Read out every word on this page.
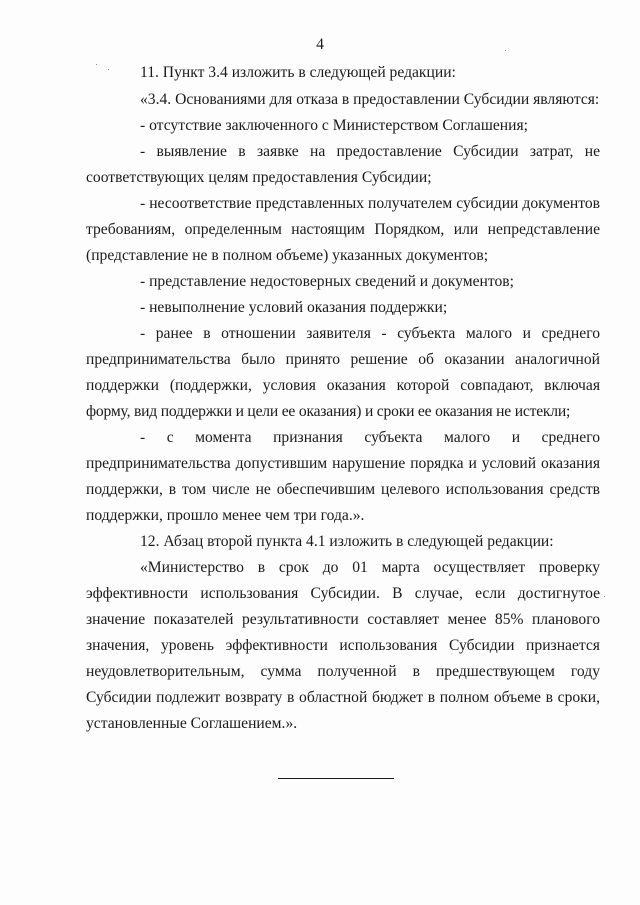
4
11. Пункт 3.4 изложить в следующей редакции:
«3.4. Основаниями для отказа в предоставлении Субсидии являются:
- отсутствие заключенного с Министерством Соглашения;
- выявление в заявке на предоставление Субсидии затрат, не
соответствующих целям предоставления Субсидии;
- несоответствие представленных получателем субсидии документов
требованиям, определенным настоящим Порядком, или непредставление
(представление не в полном объеме) указанных документов;
- представление недостоверных сведений и документов;
- невыполнение условий оказания поддержки;
- ранее в отношении заявителя - субъекта малого и среднего
предпринимательства было принято решение об оказании аналогичной
поддержки (поддержки, условия оказания которой совпадают, включая
форму, вид поддержки и цели ее оказания) и сроки ее оказания не истекли;
- с момента признания субъекта малого и среднего
предпринимательства допустившим нарушение порядка и условий оказания
поддержки, в том числе не обеспечившим целевого использования средств
поддержки, прошло менее чем три года.».
12. Абзац второй пункта 4.1 изложить в следующей редакции:
«Министерство в срок до 01 марта осуществляет проверку
эффективности использования Субсидии. В случае, если достигнутое
значение показателей результативности составляет менее 85% планового
значения, уровень эффективности использования Субсидии признается
неудовлетворительным, сумма полученной в предшествующем году
Субсидии подлежит возврату в областной бюджет в полном объеме в сроки,
установленные Соглашением.».
